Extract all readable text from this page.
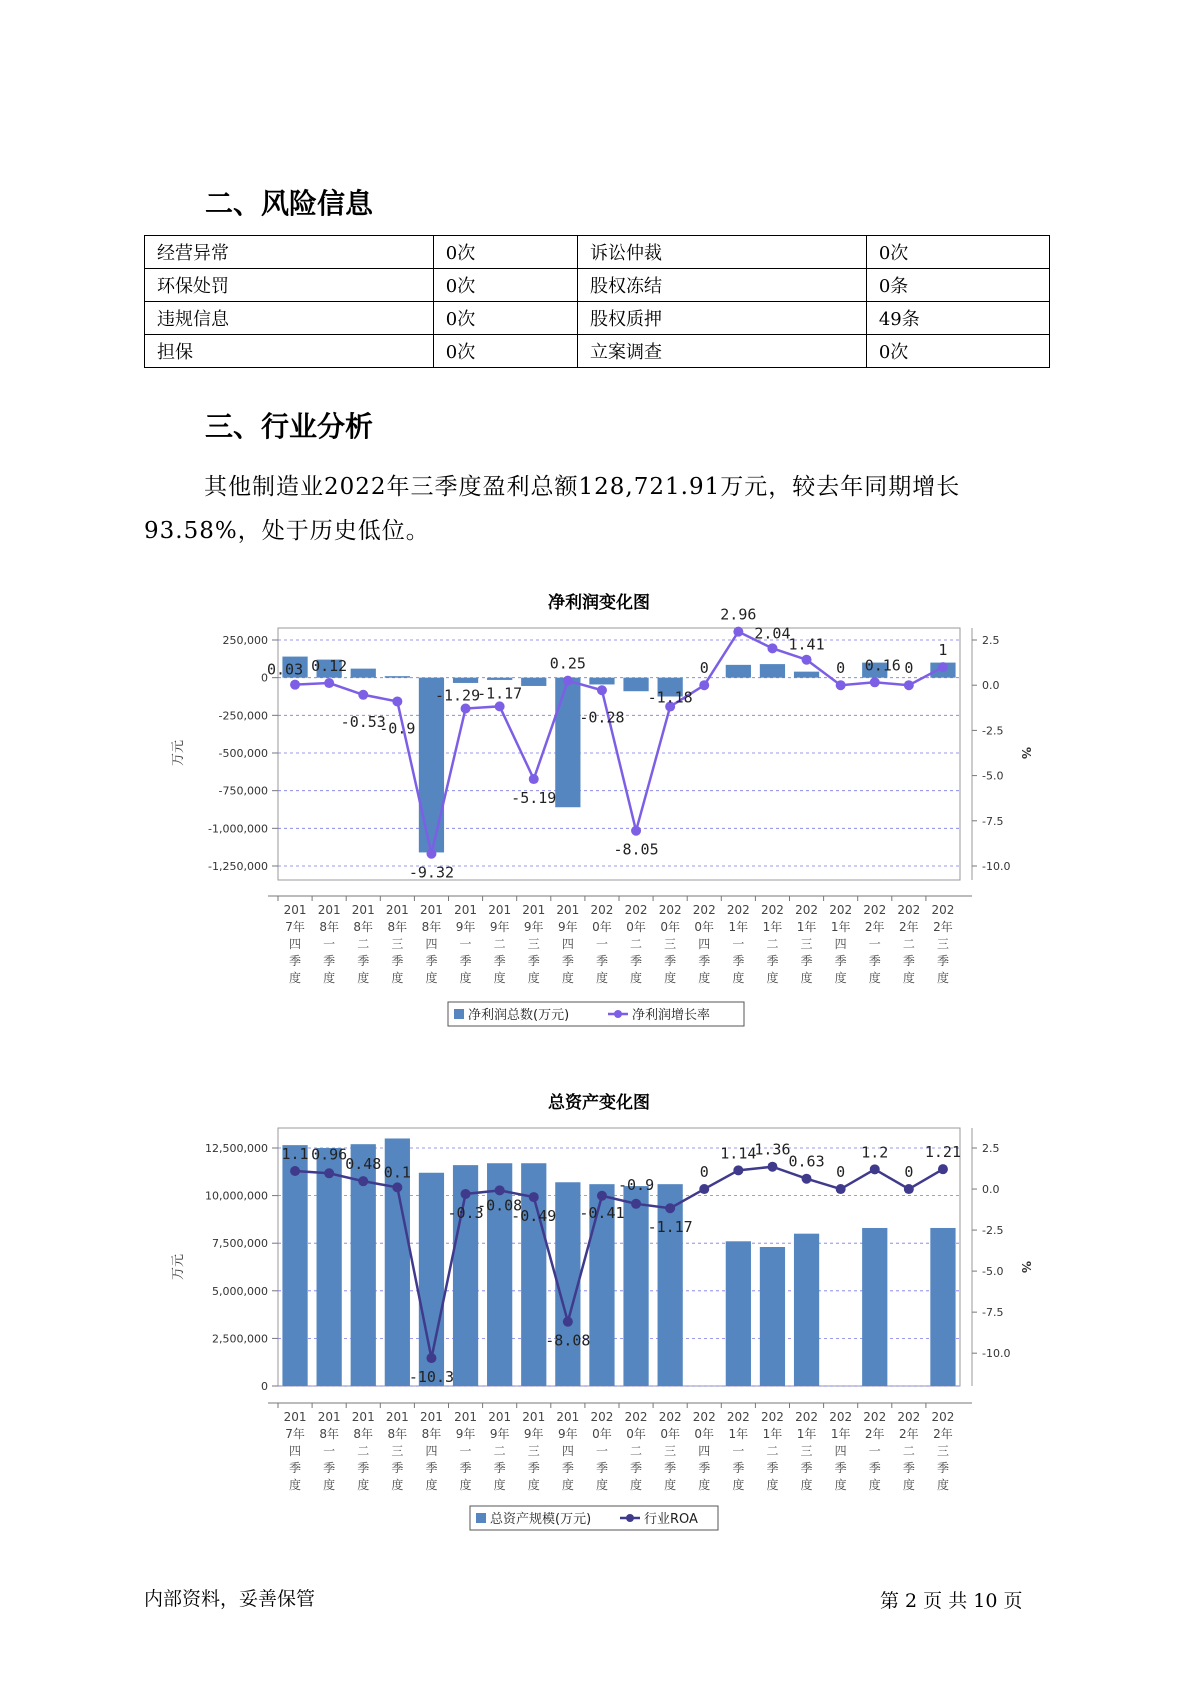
二、风险信息
经营异常	0次	诉讼仲裁	0次
环保处罚	0次	股权冻结	0条
违规信息	0次	股权质押	49条
担保	0次	立案调查	0次
三、行业分析
其他制造业2022年三季度盈利总额128,721.91万元，较去年同期增长93.58%，处于历史低位。
净利润变化图
250,000
0
-250,000
-500,000
-750,000
-1,000,000
-1,250,000
2.5
0.0
-2.5
-5.0
-7.5
-10.0
万元	%
0.03 0.12
-0.53
-0.9
-9.32
-1.29
-1.17
-5.19
0.25
-0.28
-8.05
-1.18
0
2.96
2.04
1.41
0 0.16 0
1
201 7年四季度
201 8年一季度
201 8年二季度
201 8年三季度
201 8年四季度
201 9年一季度
201 9年二季度
201 9年三季度
201 9年四季度
202 0年一季度
202 0年二季度
202 0年三季度
202 0年四季度
202 1年一季度
202 1年二季度
202 1年三季度
202 1年四季度
202 2年一季度
202 2年二季度
202 2年三季度
净利润总数(万元)	净利润增长率
总资产变化图
12,500,000
10,000,000
7,500,000
5,000,000
2,500,000
0
2.5
0.0
-2.5
-5.0
-7.5
-10.0
万元	%
1.1 0.96
0.48 0.1
-10.3
-0.3
-0.08
-0.49
-8.08
-0.41
-0.9
-1.17
0
1.14
1.36
0.63
0
1.2
0
1.21
201 7年四季度
201 8年一季度
201 8年二季度
201 8年三季度
201 8年四季度
201 9年一季度
201 9年二季度
201 9年三季度
201 9年四季度
202 0年一季度
202 0年二季度
202 0年三季度
202 0年四季度
202 1年一季度
202 1年二季度
202 1年三季度
202 1年四季度
202 2年一季度
202 2年二季度
202 2年三季度
总资产规模(万元)	行业ROA
内部资料，妥善保管	第 2 页 共 10 页
